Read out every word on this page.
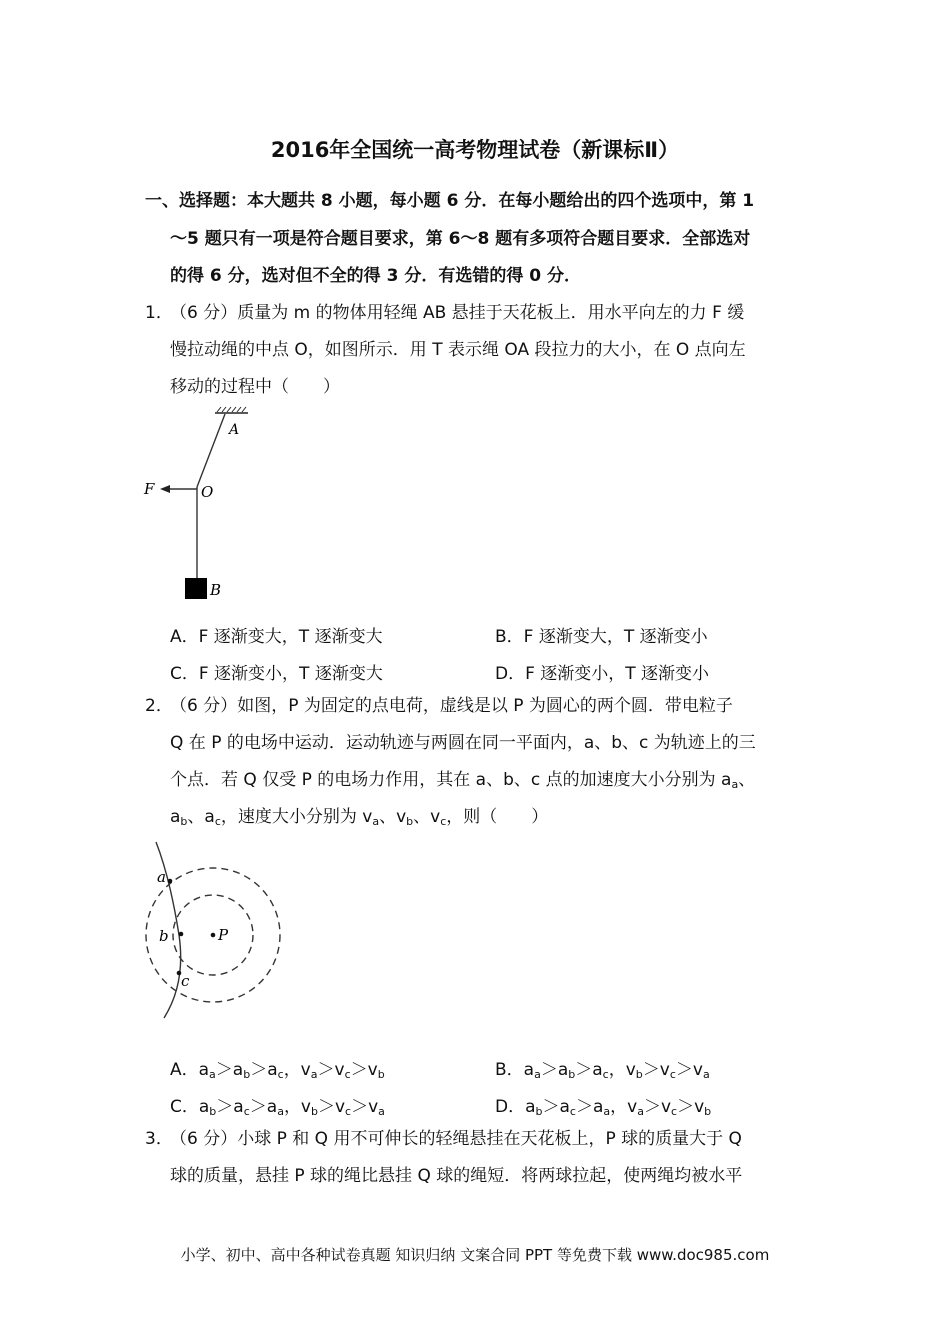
2016年全国统一高考物理试卷（新课标Ⅱ）
一、选择题：本大题共 8 小题，每小题 6 分．在每小题给出的四个选项中，第 1
～5 题只有一项是符合题目要求，第 6～8 题有多项符合题目要求．全部选对
的得 6 分，选对但不全的得 3 分．有选错的得 0 分．
1．
（6 分）质量为 m 的物体用轻绳 AB 悬挂于天花板上．用水平向左的力 F 缓
慢拉动绳的中点 O，如图所示．用 T 表示绳 OA 段拉力的大小，在 O 点向左
移动的过程中（　　）
A
O
F
B
A．F 逐渐变大，T 逐渐变大	B．F 逐渐变大，T 逐渐变小
C．F 逐渐变小，T 逐渐变大	D．F 逐渐变小，T 逐渐变小
2．
（6 分）如图，P 为固定的点电荷，虚线是以 P 为圆心的两个圆．带电粒子
Q 在 P 的电场中运动．运动轨迹与两圆在同一平面内，a、b、c 为轨迹上的三
个点．若 Q 仅受 P 的电场力作用，其在 a、b、c 点的加速度大小分别为 $a_a$、
$a_b$、$a_c$，速度大小分别为 $v_a$、$v_b$、$v_c$，则（　　）
a
b
c
P
A．$a_a>a_b>a_c$，$v_a>v_c>v_b$	B．$a_a>a_b>a_c$，$v_b>v_c>v_a$
C．$a_b>a_c>a_a$，$v_b>v_c>v_a$	D．$a_b>a_c>a_a$，$v_a>v_c>v_b$
3．
（6 分）小球 P 和 Q 用不可伸长的轻绳悬挂在天花板上，P 球的质量大于 Q
球的质量，悬挂 P 球的绳比悬挂 Q 球的绳短．将两球拉起，使两绳均被水平
小学、初中、高中各种试卷真题 知识归纳 文案合同 PPT 等免费下载 www.doc985.com
